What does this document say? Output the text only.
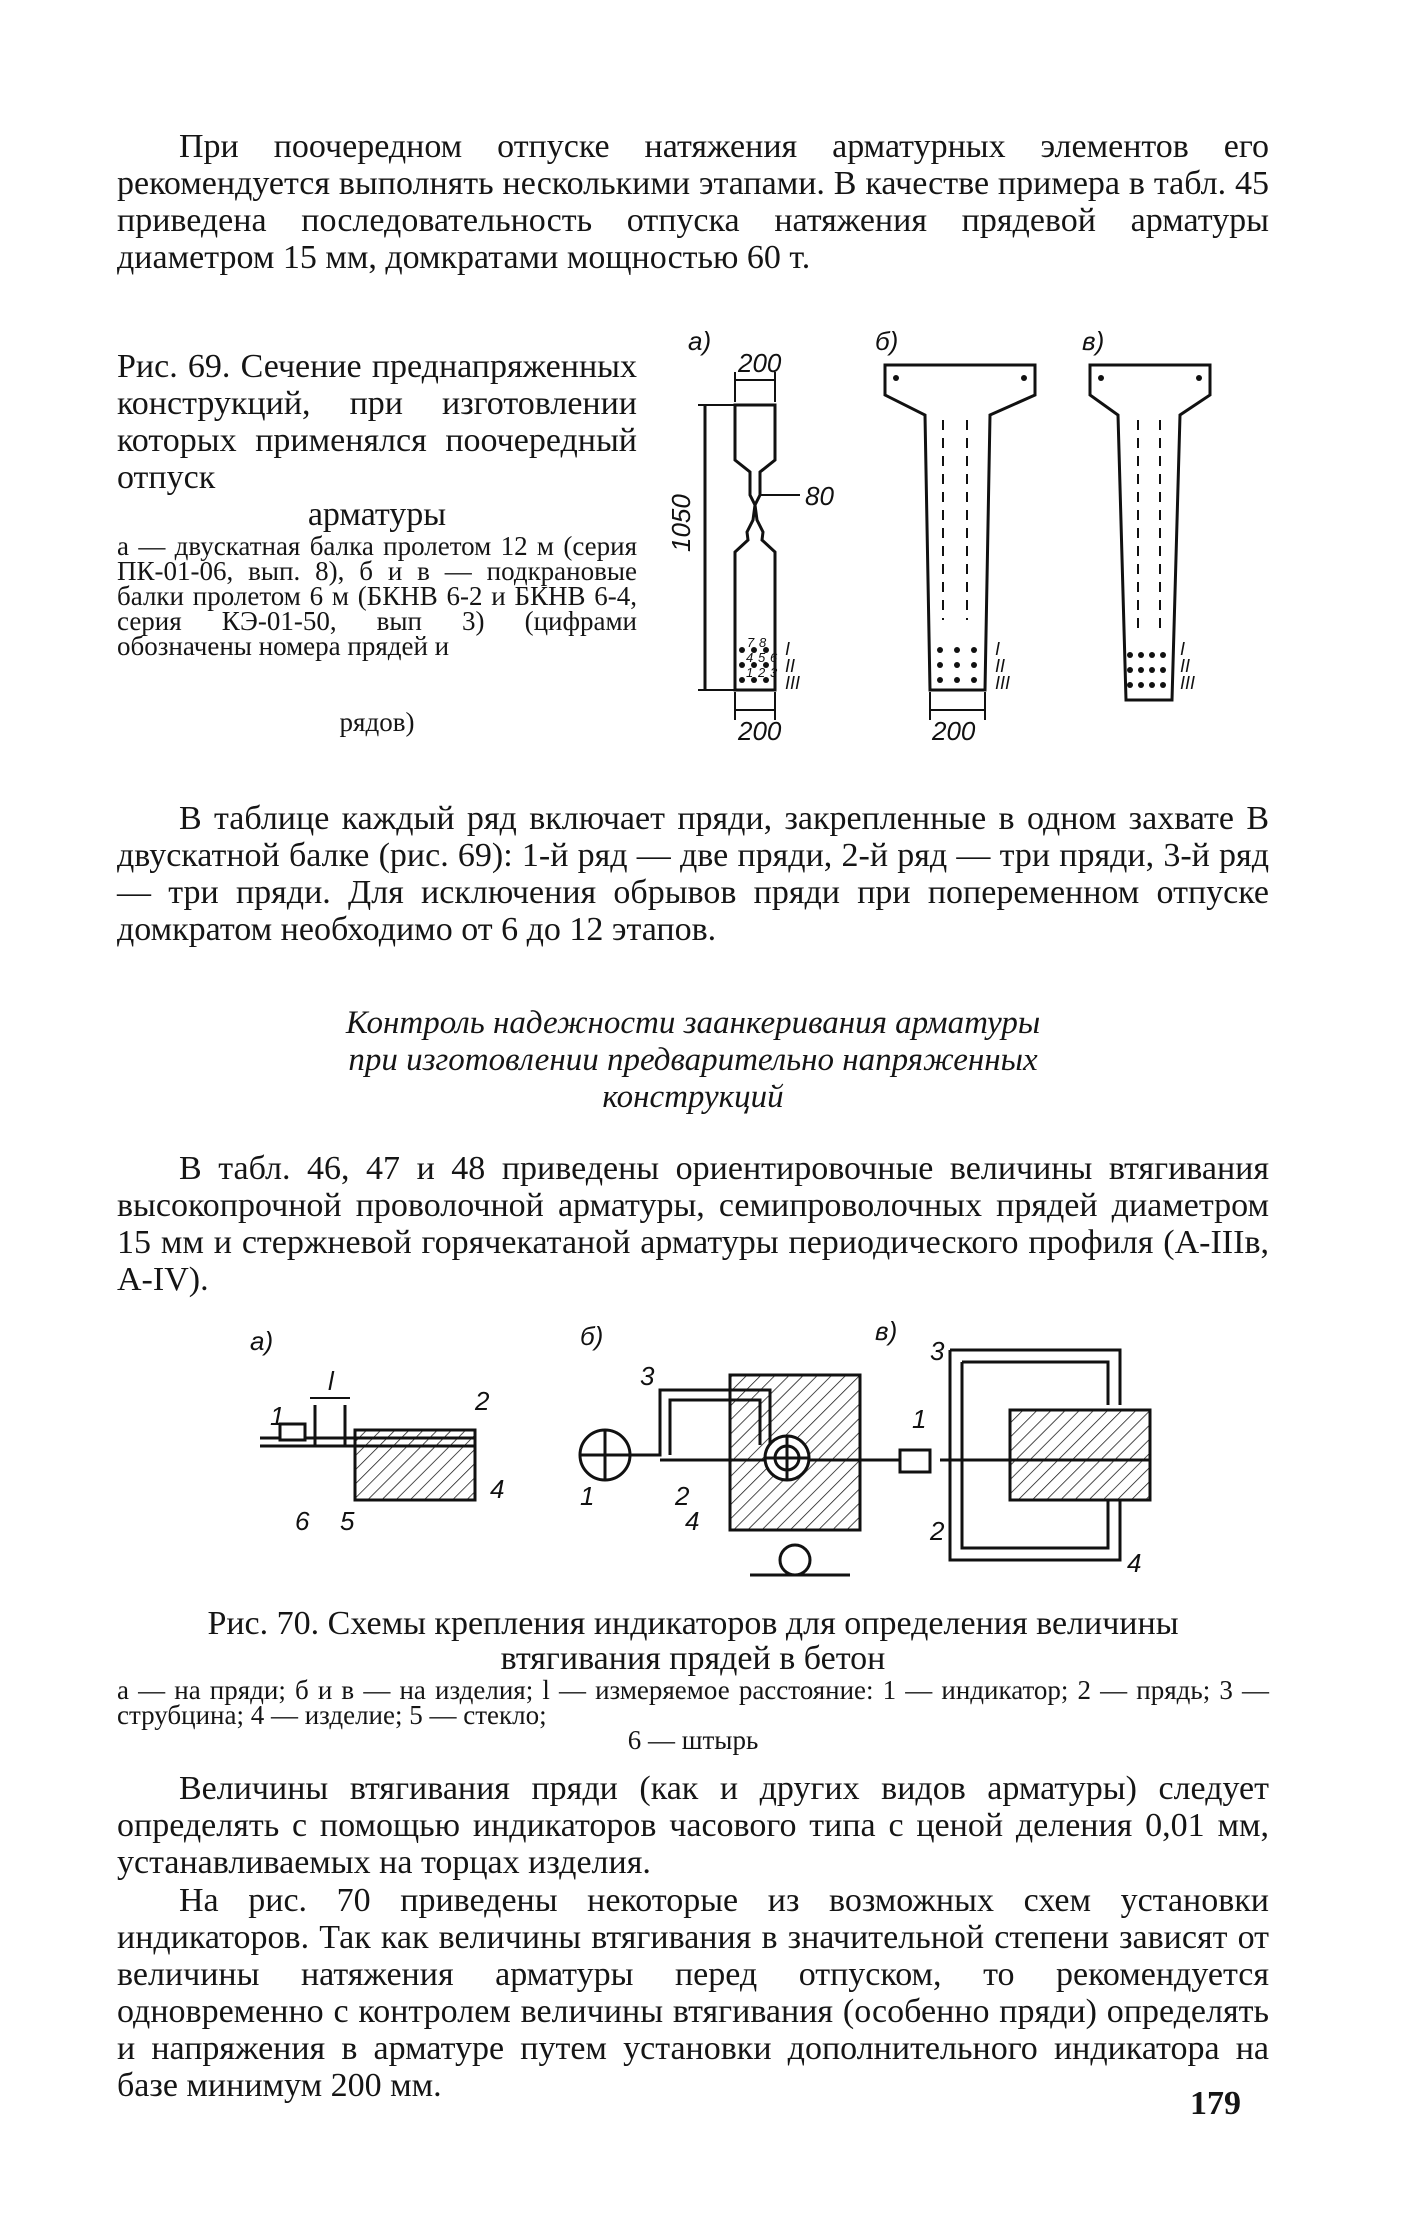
При поочередном отпуске натяжения арматурных элементов его рекомендуется выполнять несколькими этапами. В качестве примера в табл. 45 приведена последовательность отпуска натяжения прядевой арматуры диаметром 15 мм, домкратами мощностью 60 т.

Рис. 69. Сечение преднапряженных конструкций, при изготовлении которых применялся поочередный отпуск

арматуры

а — двускатная балка пролетом 12 м (серия ПК-01-06, вып. 8), б и в — подкрановые балки пролетом 6 м (БКНВ 6-2 и БКНВ 6-4, серия КЭ-01-50, вып 3) (цифрами обозначены номера прядей и

рядов)

а)	б)	в)
200
80
1050
200	200
I
II
III
I
II
III
I
II
III
7 8
4 5 6
1 2 3

В таблице каждый ряд включает пряди, закрепленные в одном захвате В двускатной балке (рис. 69): 1-й ряд — две пряди, 2-й ряд — три пряди, 3-й ряд — три пряди. Для исключения обрывов пряди при попеременном отпуске домкратом необходимо от 6 до 12 этапов.

Контроль надежности заанкеривания арматуры

при изготовлении предварительно напряженных

конструкций

В табл. 46, 47 и 48 приведены ориентировочные величины втягивания высокопрочной проволочной арматуры, семипроволочных прядей диаметром 15 мм и стержневой горячекатаной арматуры периодического профиля (А-IIIв, А-IV).

а)	б)	в)
l
1	2
4
5
6
3
1	2
4
3
1
2
4

Рис. 70. Схемы крепления индикаторов для определения величины

втягивания прядей в бетон

а — на пряди; б и в — на изделия; l — измеряемое расстояние: 1 — индикатор; 2 — прядь; 3 — струбцина; 4 — изделие; 5 — стекло;

6 — штырь

Величины втягивания пряди (как и других видов арматуры) следует определять с помощью индикаторов часового типа с ценой деления 0,01 мм, устанавливаемых на торцах изделия.

На рис. 70 приведены некоторые из возможных схем установки индикаторов. Так как величины втягивания в значительной степени зависят от величины натяжения арматуры перед отпуском, то рекомендуется одновременно с контролем величины втягивания (особенно пряди) определять и напряжения в арматуре путем установки дополнительного индикатора на базе минимум 200 мм.	179
